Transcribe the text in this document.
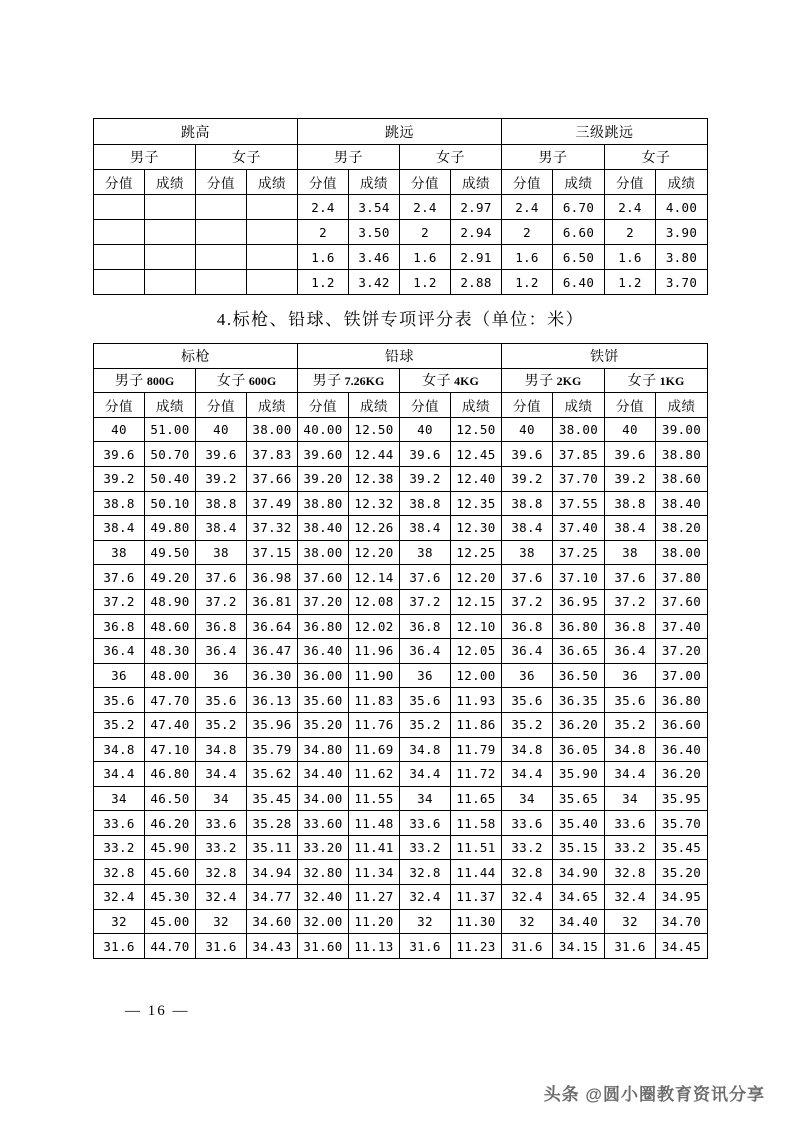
跳高				跳远				三级跳远			
男子		女子		男子		女子		男子		女子	
分值	成绩	分值	成绩	分值	成绩	分值	成绩	分值	成绩	分值	成绩
				2.4	3.54	2.4	2.97	2.4	6.70	2.4	4.00
				2	3.50	2	2.94	2	6.60	2	3.90
				1.6	3.46	1.6	2.91	1.6	6.50	1.6	3.80
				1.2	3.42	1.2	2.88	1.2	6.40	1.2	3.70
4.标枪、铅球、铁饼专项评分表（单位：米）
标枪				铅球				铁饼			
男子 800G		女子 600G		男子 7.26KG		女子 4KG		男子 2KG		女子 1KG	
分值	成绩	分值	成绩	分值	成绩	分值	成绩	分值	成绩	分值	成绩
40	51.00	40	38.00	40.00	12.50	40	12.50	40	38.00	40	39.00
39.6	50.70	39.6	37.83	39.60	12.44	39.6	12.45	39.6	37.85	39.6	38.80
39.2	50.40	39.2	37.66	39.20	12.38	39.2	12.40	39.2	37.70	39.2	38.60
38.8	50.10	38.8	37.49	38.80	12.32	38.8	12.35	38.8	37.55	38.8	38.40
38.4	49.80	38.4	37.32	38.40	12.26	38.4	12.30	38.4	37.40	38.4	38.20
38	49.50	38	37.15	38.00	12.20	38	12.25	38	37.25	38	38.00
37.6	49.20	37.6	36.98	37.60	12.14	37.6	12.20	37.6	37.10	37.6	37.80
37.2	48.90	37.2	36.81	37.20	12.08	37.2	12.15	37.2	36.95	37.2	37.60
36.8	48.60	36.8	36.64	36.80	12.02	36.8	12.10	36.8	36.80	36.8	37.40
36.4	48.30	36.4	36.47	36.40	11.96	36.4	12.05	36.4	36.65	36.4	37.20
36	48.00	36	36.30	36.00	11.90	36	12.00	36	36.50	36	37.00
35.6	47.70	35.6	36.13	35.60	11.83	35.6	11.93	35.6	36.35	35.6	36.80
35.2	47.40	35.2	35.96	35.20	11.76	35.2	11.86	35.2	36.20	35.2	36.60
34.8	47.10	34.8	35.79	34.80	11.69	34.8	11.79	34.8	36.05	34.8	36.40
34.4	46.80	34.4	35.62	34.40	11.62	34.4	11.72	34.4	35.90	34.4	36.20
34	46.50	34	35.45	34.00	11.55	34	11.65	34	35.65	34	35.95
33.6	46.20	33.6	35.28	33.60	11.48	33.6	11.58	33.6	35.40	33.6	35.70
33.2	45.90	33.2	35.11	33.20	11.41	33.2	11.51	33.2	35.15	33.2	35.45
32.8	45.60	32.8	34.94	32.80	11.34	32.8	11.44	32.8	34.90	32.8	35.20
32.4	45.30	32.4	34.77	32.40	11.27	32.4	11.37	32.4	34.65	32.4	34.95
32	45.00	32	34.60	32.00	11.20	32	11.30	32	34.40	32	34.70
31.6	44.70	31.6	34.43	31.60	11.13	31.6	11.23	31.6	34.15	31.6	34.45
— 16 —
头条 @圆小圈教育资讯分享
